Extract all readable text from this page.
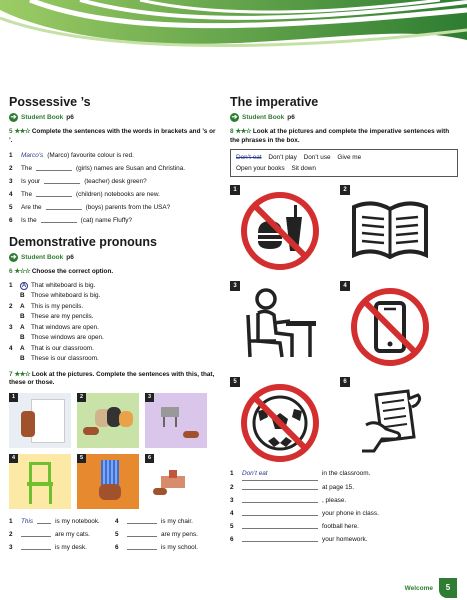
Possessive ’s
➔ Student Book p6
5 ★★☆ Complete the sentences with the words in brackets and ’s or ’.
1	Marco’s (Marco) favourite colour is red.
2	The	(girls) names are Susan and Christina.
3	Is your	(teacher) desk green?
4	The	(children) notebooks are new.
5	Are the	(boys) parents from the USA?
6	Is the	(cat) name Fluffy?
Demonstrative pronouns
➔ Student Book p6
6 ★☆☆ Choose the correct option.
1	A That whiteboard is big.
B Those whiteboard is big.
2	A This is my pencils.
B These are my pencils.
3	A That windows are open.
B Those windows are open.
4	A That is our classroom.
B These is our classroom.
7 ★★☆ Look at the pictures. Complete the sentences with this, that, these or those.
1	2	3
4	5	6
1	This	is my notebook. 4	is my chair.
2	are my cats.	5	are my pens.
3	is my desk.	6	is my school.
The imperative
➔ Student Book p6
8 ★★☆ Look at the pictures and complete the imperative sentences with the phrases in the box.
Don’t eat Don’t play Don’t use Give me
Open your books Sit down
1	2
3	4
5	6
1	Don’t eat	in the classroom.
2	at page 15.
3	, please.
4	your phone in class.
5	football here.
6	your homework.
Welcome	5
